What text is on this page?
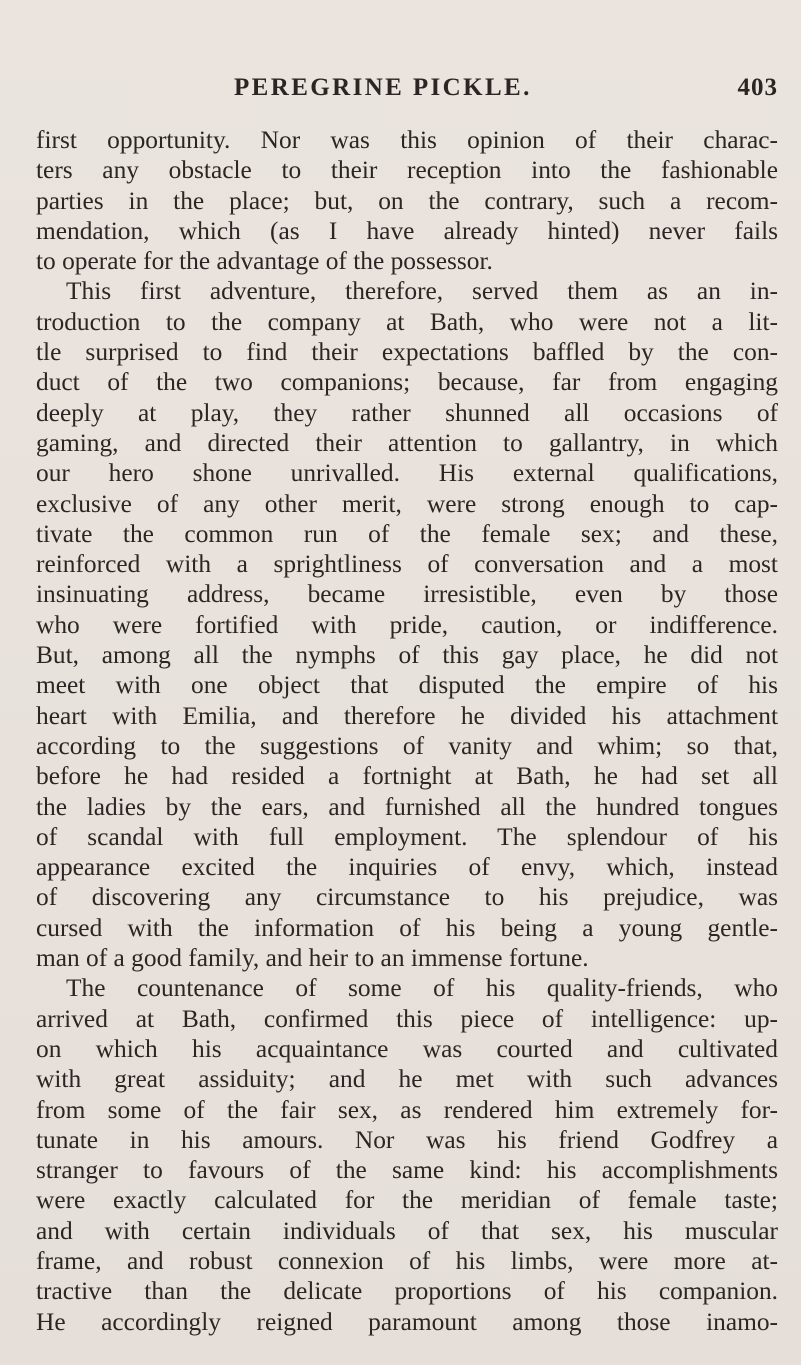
PEREGRINE PICKLE.	403
first opportunity. Nor was this opinion of their charac-
ters any obstacle to their reception into the fashionable
parties in the place; but, on the contrary, such a recom-
mendation, which (as I have already hinted) never fails
to operate for the advantage of the possessor.
This first adventure, therefore, served them as an in-
troduction to the company at Bath, who were not a lit-
tle surprised to find their expectations baffled by the con-
duct of the two companions; because, far from engaging
deeply at play, they rather shunned all occasions of
gaming, and directed their attention to gallantry, in which
our hero shone unrivalled. His external qualifications,
exclusive of any other merit, were strong enough to cap-
tivate the common run of the female sex; and these,
reinforced with a sprightliness of conversation and a most
insinuating address, became irresistible, even by those
who were fortified with pride, caution, or indifference.
But, among all the nymphs of this gay place, he did not
meet with one object that disputed the empire of his
heart with Emilia, and therefore he divided his attachment
according to the suggestions of vanity and whim; so that,
before he had resided a fortnight at Bath, he had set all
the ladies by the ears, and furnished all the hundred tongues
of scandal with full employment. The splendour of his
appearance excited the inquiries of envy, which, instead
of discovering any circumstance to his prejudice, was
cursed with the information of his being a young gentle-
man of a good family, and heir to an immense fortune.
The countenance of some of his quality-friends, who
arrived at Bath, confirmed this piece of intelligence: up-
on which his acquaintance was courted and cultivated
with great assiduity; and he met with such advances
from some of the fair sex, as rendered him extremely for-
tunate in his amours. Nor was his friend Godfrey a
stranger to favours of the same kind: his accomplishments
were exactly calculated for the meridian of female taste;
and with certain individuals of that sex, his muscular
frame, and robust connexion of his limbs, were more at-
tractive than the delicate proportions of his companion.
He accordingly reigned paramount among those inamo-
